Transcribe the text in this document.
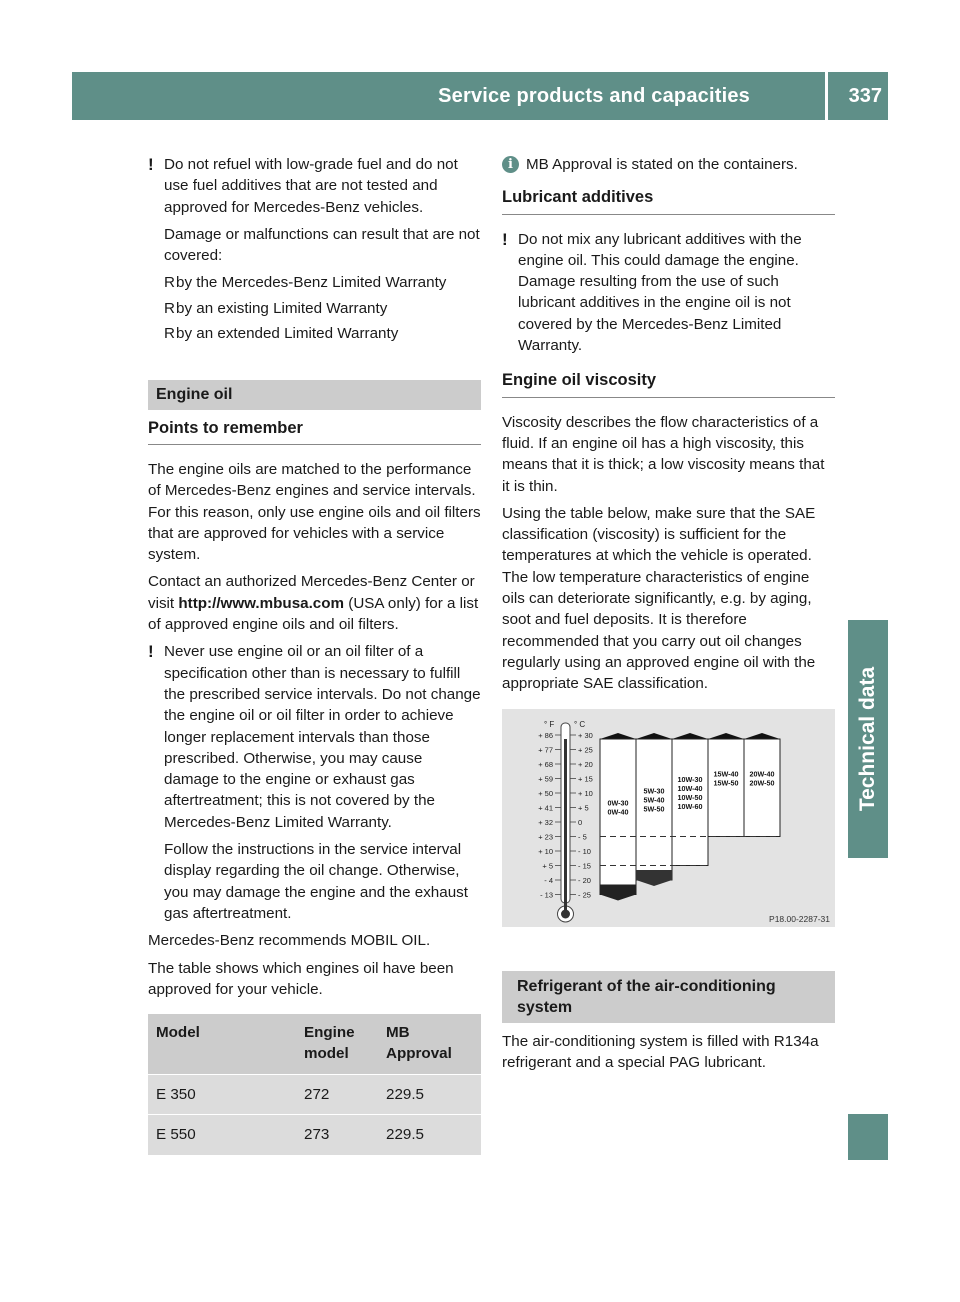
Service products and capacities	337
Technical data

! Do not refuel with low-grade fuel and do not use fuel additives that are not tested and approved for Mercedes-Benz vehicles.

Damage or malfunctions can result that are not covered:

R by the Mercedes-Benz Limited Warranty

R by an existing Limited Warranty

R by an extended Limited Warranty

Engine oil
Points to remember

The engine oils are matched to the performance of Mercedes-Benz engines and service intervals. For this reason, only use engine oils and oil filters that are approved for vehicles with a service system.

Contact an authorized Mercedes-Benz Center or visit http://www.mbusa.com (USA only) for a list of approved engine oils and oil filters.

! Never use engine oil or an oil filter of a specification other than is necessary to fulfill the prescribed service intervals. Do not change the engine oil or oil filter in order to achieve longer replacement intervals than those prescribed. Otherwise, you may cause damage to the engine or exhaust gas aftertreatment; this is not covered by the Mercedes-Benz Limited Warranty.

Follow the instructions in the service interval display regarding the oil change. Otherwise, you may damage the engine and the exhaust gas aftertreatment.

Mercedes-Benz recommends MOBIL OIL.

The table shows which engines oil have been approved for your vehicle.

Model	Engine model	MB Approval
E 350	272	229.5
E 550	273	229.5

i MB Approval is stated on the containers.

Lubricant additives

! Do not mix any lubricant additives with the engine oil. This could damage the engine. Damage resulting from the use of such lubricant additives in the engine oil is not covered by the Mercedes-Benz Limited Warranty.

Engine oil viscosity

Viscosity describes the flow characteristics of a fluid. If an engine oil has a high viscosity, this means that it is thick; a low viscosity means that it is thin.

Using the table below, make sure that the SAE classification (viscosity) is sufficient for the temperatures at which the vehicle is operated. The low temperature characteristics of engine oils can deteriorate significantly, e.g. by aging, soot and fuel deposits. It is therefore recommended that you carry out oil changes regularly using an approved engine oil with the appropriate SAE classification.

° F ° C
+ 86	+ 30
+ 77	+ 25
+ 68	+ 20
+ 59	+ 15
+ 50	+ 10
+ 41	+ 5
+ 32	0
+ 23	- 5
+ 10	- 10
+ 5	- 15
- 4	- 20
- 13	- 25
0W-30
0W-40
5W-30
5W-40
5W-50
10W-30
10W-40
10W-50
10W-60
15W-40
15W-50
20W-40
20W-50
P18.00-2287-31
Refrigerant of the air-conditioning system

The air-conditioning system is filled with R134a refrigerant and a special PAG lubricant.
